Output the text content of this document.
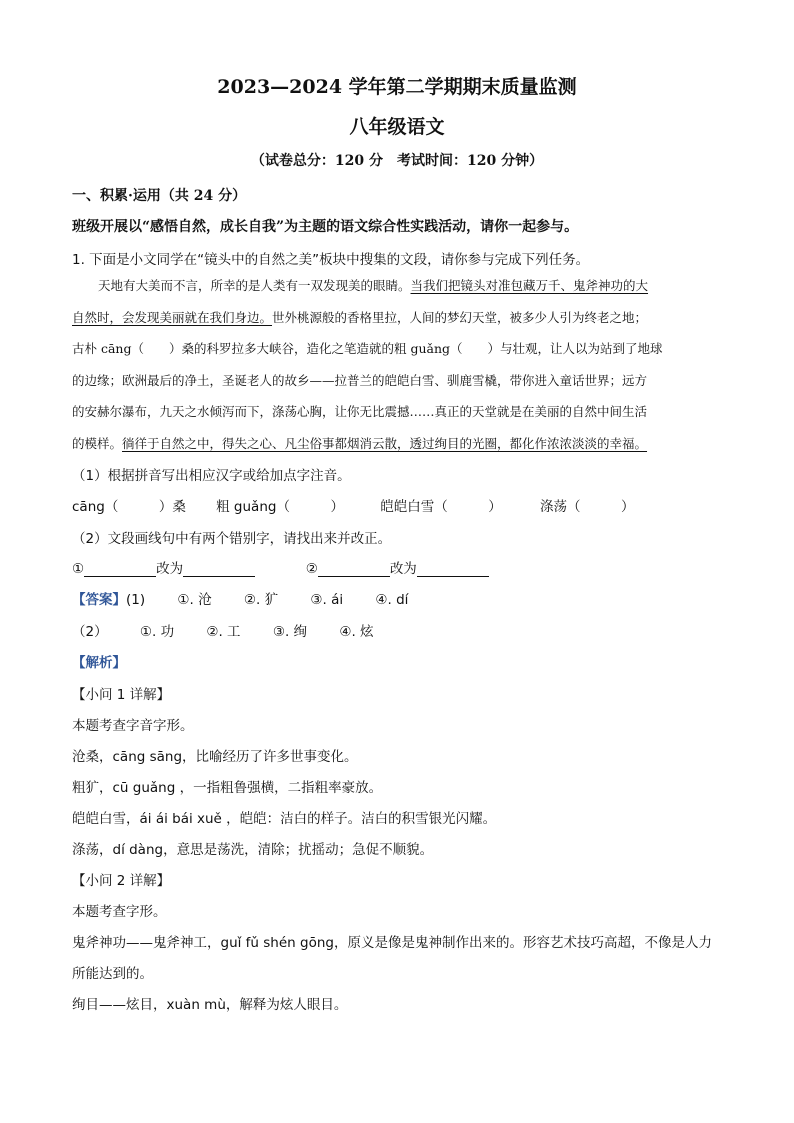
2023—2024 学年第二学期期末质量监测
八年级语文
（试卷总分：120 分　考试时间：120 分钟）
一、积累·运用（共 24 分）
班级开展以“感悟自然，成长自我”为主题的语文综合性实践活动，请你一起参与。
1. 下面是小文同学在“镜头中的自然之美”板块中搜集的文段，请你参与完成下列任务。
天地有大美而不言，所幸的是人类有一双发现美的眼睛。当我们把镜头对准包藏万千、鬼斧神功的大
自然时，会发现美丽就在我们身边。世外桃源般的香格里拉，人间的梦幻天堂，被多少人引为终老之地；
古朴 cāng（　　）桑的科罗拉多大峡谷，造化之笔造就的粗 guǎng（　　）与壮观，让人以为站到了地球
的边缘；欧洲最后的净土，圣诞老人的故乡——拉普兰的皑皑白雪、驯鹿雪橇，带你进入童话世界；远方
的安赫尔瀑布，九天之水倾泻而下，涤荡心胸，让你无比震撼……真正的天堂就是在美丽的自然中间生活
的模样。徜徉于自然之中，得失之心、凡尘俗事都烟消云散，透过绚目的光圈，都化作浓浓淡淡的幸福。
（1）根据拼音写出相应汉字或给加点字注音。
cāng（　　　）桑 粗 guǎng（　　　）	皑皑白雪（　　　）	涤荡（　　　）
（2）文段画线句中有两个错别字，请找出来并改正。
①	改为	②	改为
【答案】(1) ①. 沧 ②. 犷 ③. ái ④. dí
（2） ①. 功 ②. 工 ③. 绚 ④. 炫
【解析】
【小问 1 详解】
本题考查字音字形。
沧桑，cāng sāng，比喻经历了许多世事变化。
粗犷，cū guǎng ，一指粗鲁强横，二指粗率豪放。
皑皑白雪，ái ái bái xuě ，皑皑：洁白的样子。洁白的积雪银光闪耀。
涤荡，dí dàng，意思是荡洗，清除；扰摇动；急促不顺貌。
【小问 2 详解】
本题考查字形。
鬼斧神功——鬼斧神工，guǐ fǔ shén gōng，原义是像是鬼神制作出来的。形容艺术技巧高超，不像是人力
所能达到的。
绚目——炫目，xuàn mù，解释为炫人眼目。
